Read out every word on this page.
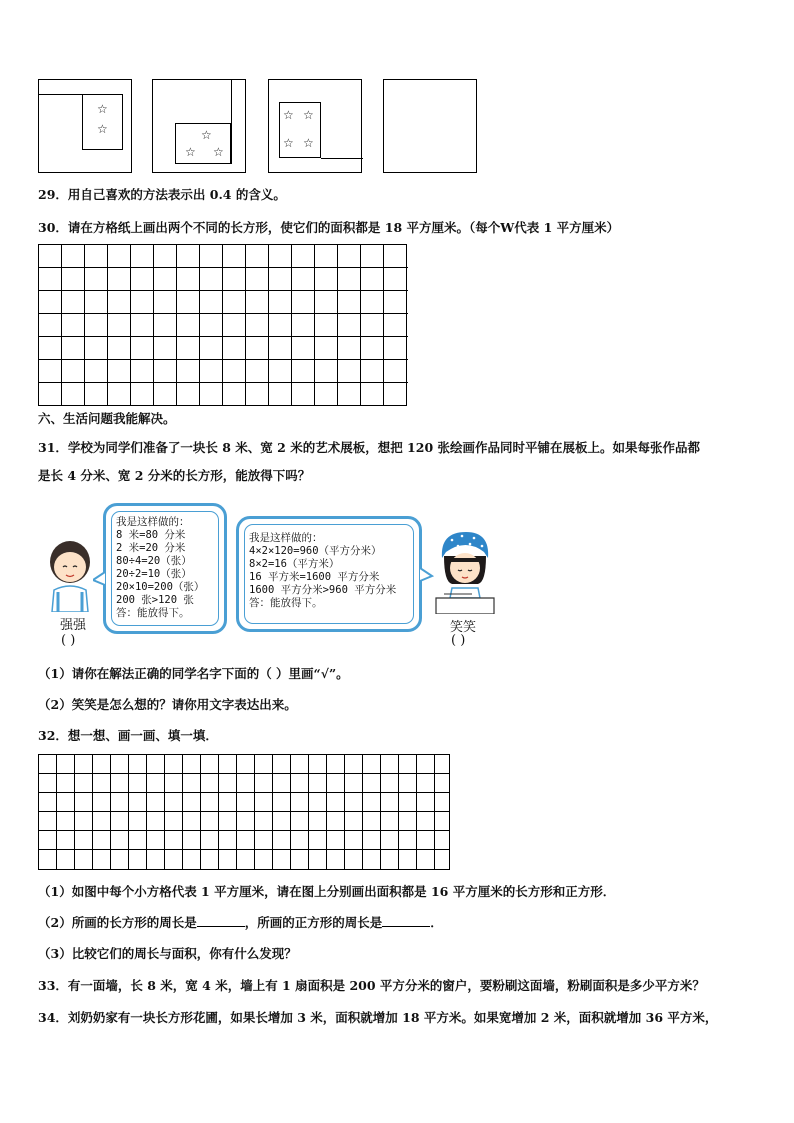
☆
☆	☆
☆ ☆
☆ ☆
☆ ☆
29．用自己喜欢的方法表示出 0.4 的含义。
30．请在方格纸上画出两个不同的长方形，使它们的面积都是 18 平方厘米。（每个W代表 1 平方厘米）
六、生活问题我能解决。
31．学校为同学们准备了一块长 8 米、宽 2 米的艺术展板，想把 120 张绘画作品同时平铺在展板上。如果每张作品都
是长 4 分米、宽 2 分米的长方形，能放得下吗？
强强
( )
我是这样做的：
8 米=80 分米
2 米=20 分米
80÷4=20（张）
20÷2=10（张）
20×10=200（张）
200 张>120 张
答：能放得下。
我是这样做的：
4×2×120=960（平方分米）
8×2=16（平方米）
16 平方米=1600 平方分米
1600 平方分米>960 平方分米
答：能放得下。
笑笑
( )
（1）请你在解法正确的同学名字下面的（ ）里画“√”。
（2）笑笑是怎么想的？请你用文字表达出来。
32．想一想、画一画、填一填．
（1）如图中每个小方格代表 1 平方厘米，请在图上分别画出面积都是 16 平方厘米的长方形和正方形．
（2）所画的长方形的周长是	，所画的正方形的周长是	．
（3）比较它们的周长与面积，你有什么发现？
33．有一面墙，长 8 米，宽 4 米，墙上有 1 扇面积是 200 平方分米的窗户，要粉刷这面墙，粉刷面积是多少平方米？
34．刘奶奶家有一块长方形花圃，如果长增加 3 米，面积就增加 18 平方米。如果宽增加 2 米，面积就增加 36 平方米，
